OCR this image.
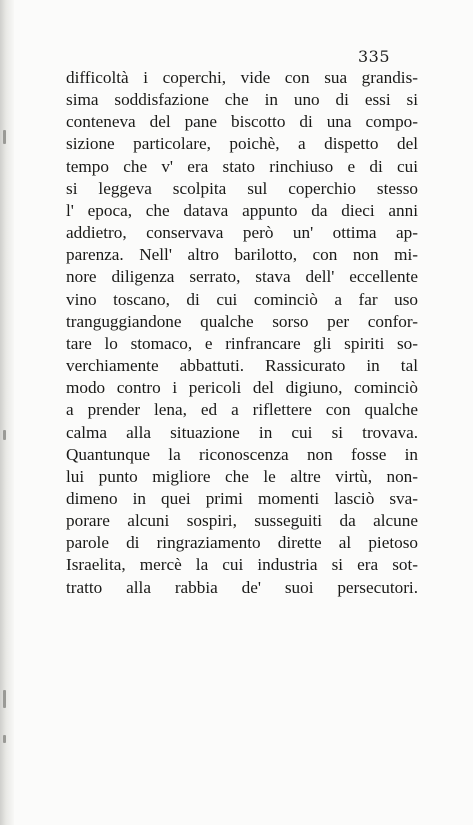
335
difficoltà i coperchi, vide con sua grandis-
sima soddisfazione che in uno di essi si
conteneva del pane biscotto di una compo-
sizione particolare, poichè, a dispetto del
tempo che v' era stato rinchiuso e di cui
si leggeva scolpita sul coperchio stesso
l' epoca, che datava appunto da dieci anni
addietro, conservava però un' ottima ap-
parenza. Nell' altro barilotto, con non mi-
nore diligenza serrato, stava dell' eccellente
vino toscano, di cui cominciò a far uso
tranguggiandone qualche sorso per confor-
tare lo stomaco, e rinfrancare gli spiriti so-
verchiamente abbattuti. Rassicurato in tal
modo contro i pericoli del digiuno, cominciò
a prender lena, ed a riflettere con qualche
calma alla situazione in cui si trovava.
Quantunque la riconoscenza non fosse in
lui punto migliore che le altre virtù, non-
dimeno in quei primi momenti lasciò sva-
porare alcuni sospiri, susseguiti da alcune
parole di ringraziamento dirette al pietoso
Israelita, mercè la cui industria si era sot-
tratto alla rabbia de' suoi persecutori.
